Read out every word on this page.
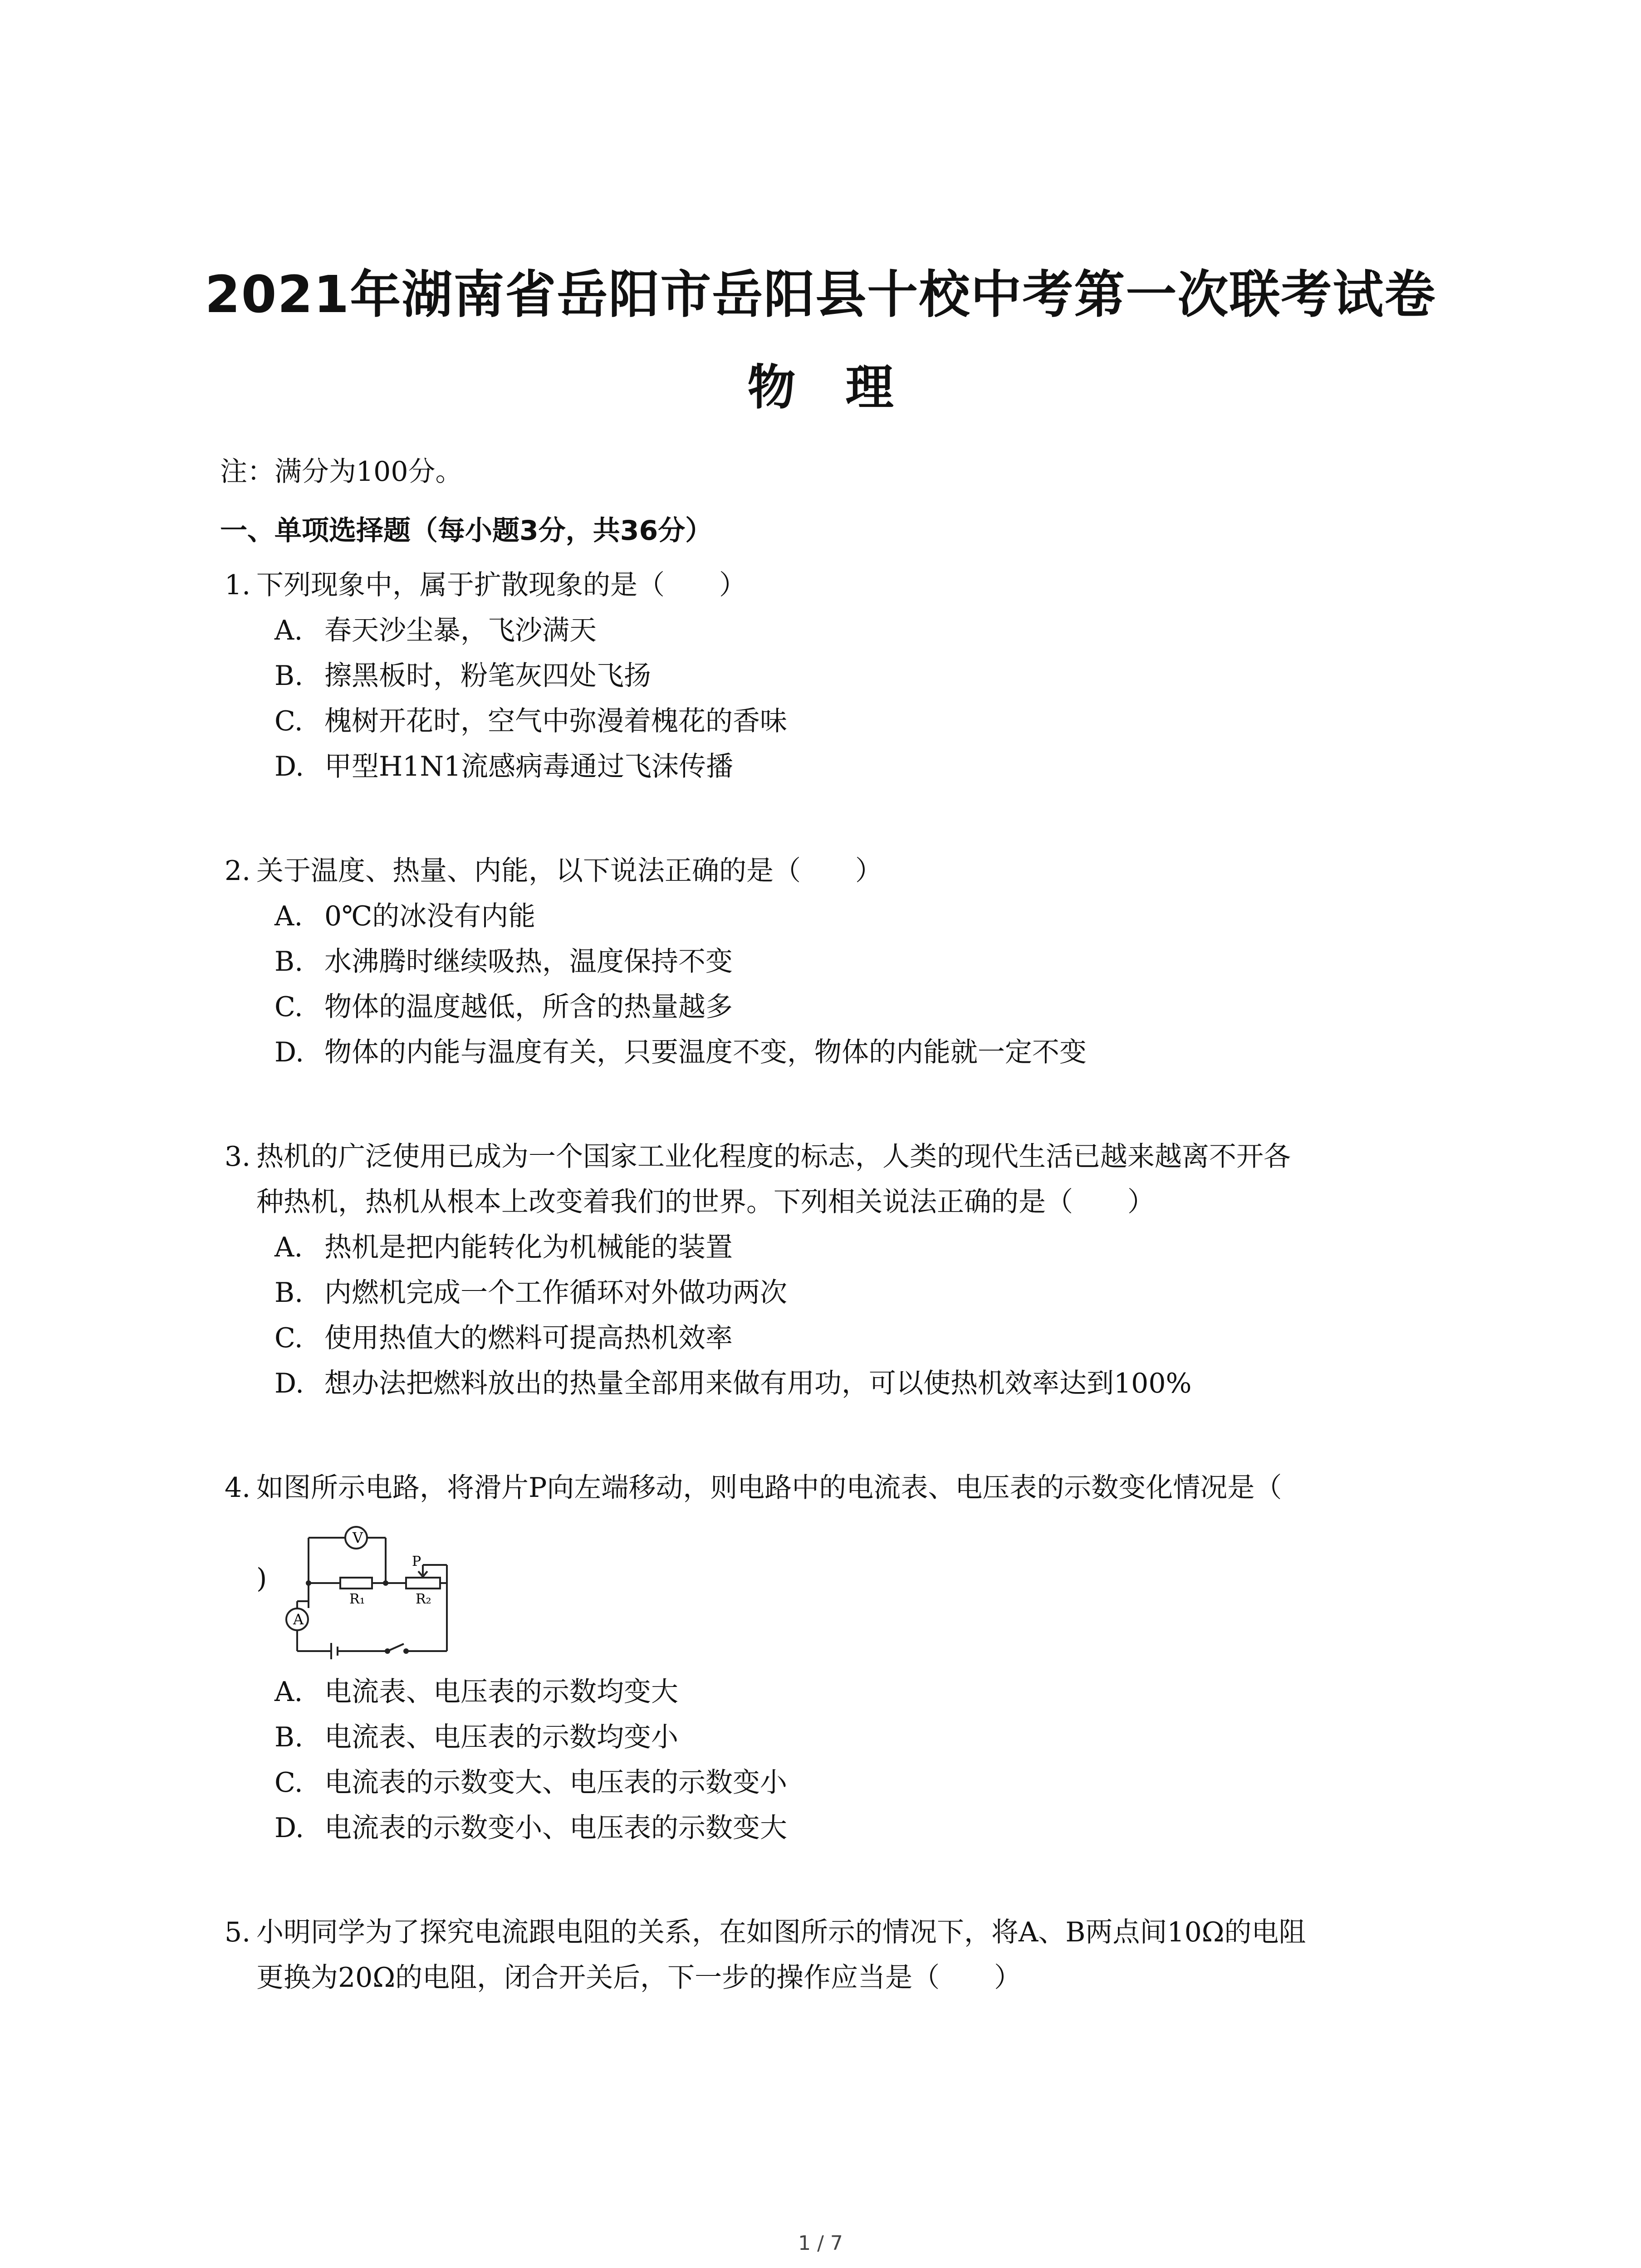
2021年湖南省岳阳市岳阳县十校中考第一次联考试卷
物理
注：满分为100分。
一、单项选择题（每小题3分，共36分）
1. 下列现象中，属于扩散现象的是（　　）
A. 春天沙尘暴，飞沙满天
B. 擦黑板时，粉笔灰四处飞扬
C. 槐树开花时，空气中弥漫着槐花的香味
D. 甲型H1N1流感病毒通过飞沫传播
2. 关于温度、热量、内能，以下说法正确的是（　　）
A. 0℃的冰没有内能
B. 水沸腾时继续吸热，温度保持不变
C. 物体的温度越低，所含的热量越多
D. 物体的内能与温度有关，只要温度不变，物体的内能就一定不变
3. 热机的广泛使用已成为一个国家工业化程度的标志，人类的现代生活已越来越离不开各
种热机，热机从根本上改变着我们的世界。下列相关说法正确的是（　　）
A. 热机是把内能转化为机械能的装置
B. 内燃机完成一个工作循环对外做功两次
C. 使用热值大的燃料可提高热机效率
D. 想办法把燃料放出的热量全部用来做有用功，可以使热机效率达到100%
4. 如图所示电路，将滑片P向左端移动，则电路中的电流表、电压表的示数变化情况是（
)
V
A
P
R₁	R₂
A. 电流表、电压表的示数均变大
B. 电流表、电压表的示数均变小
C. 电流表的示数变大、电压表的示数变小
D. 电流表的示数变小、电压表的示数变大
5. 小明同学为了探究电流跟电阻的关系，在如图所示的情况下，将A、B两点间10Ω的电阻
更换为20Ω的电阻，闭合开关后，下一步的操作应当是（　　）
1 / 7
